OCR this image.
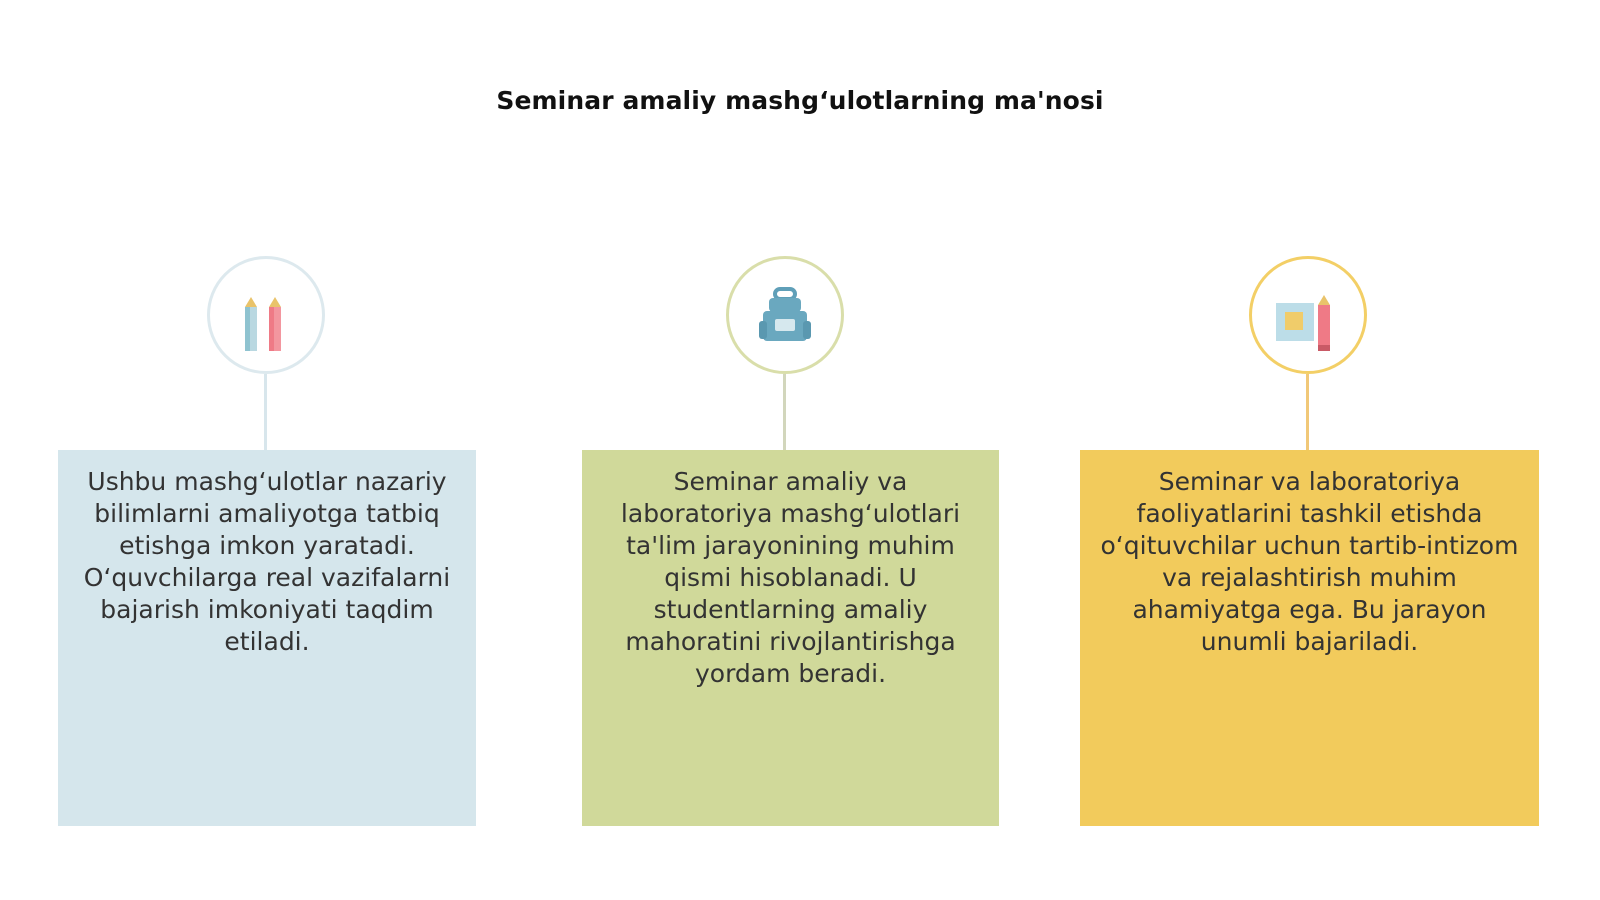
Seminar amaliy mashg‘ulotlarning ma'nosi
Ushbu mashg‘ulotlar nazariy bilimlarni amaliyotga tatbiq etishga imkon yaratadi. O‘quvchilarga real vazifalarni bajarish imkoniyati taqdim etiladi.
Seminar amaliy va laboratoriya mashg‘ulotlari ta'lim jarayonining muhim qismi hisoblanadi. U studentlarning amaliy mahoratini rivojlantirishga yordam beradi.
Seminar va laboratoriya faoliyatlarini tashkil etishda o‘qituvchilar uchun tartib-intizom va rejalashtirish muhim ahamiyatga ega. Bu jarayon unumli bajariladi.
